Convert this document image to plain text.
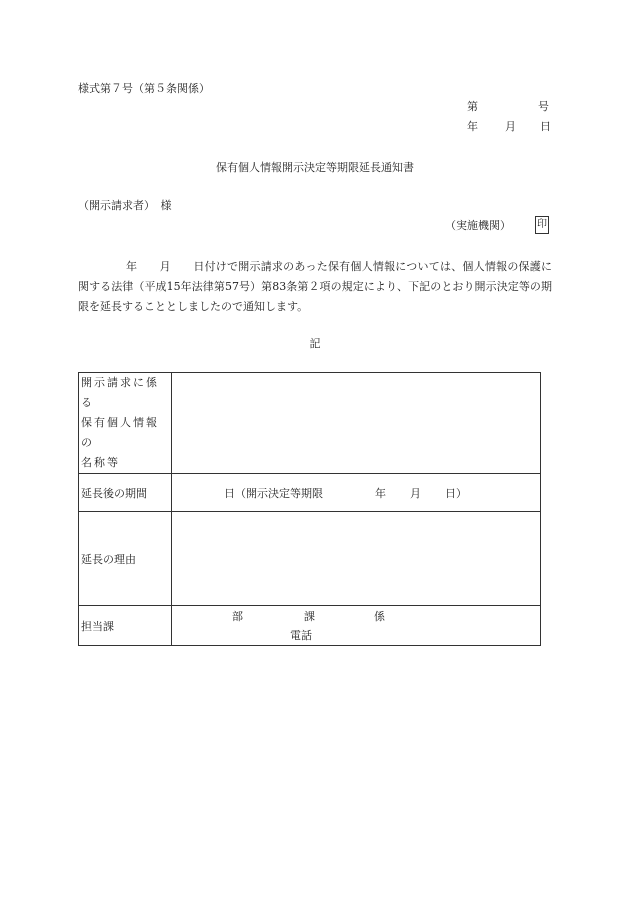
様式第７号（第５条関係）
第	号
年 月 日
保有個人情報開示決定等期限延長通知書
（開示請求者）　様
（実施機関）	印
年　　月　　日付けで開示請求のあった保有個人情報については、個人情報の保護に関する法律（平成15年法律第57号）第83条第２項の規定により、下記のとおり開示決定等の期限を延長することとしましたので通知します。
記
開示請求に係る
保有個人情報の
名称等	

延長後の期間	日（開示決定等期限 年 月 日）

延長の理由	
担当課	部 課 係
電話
